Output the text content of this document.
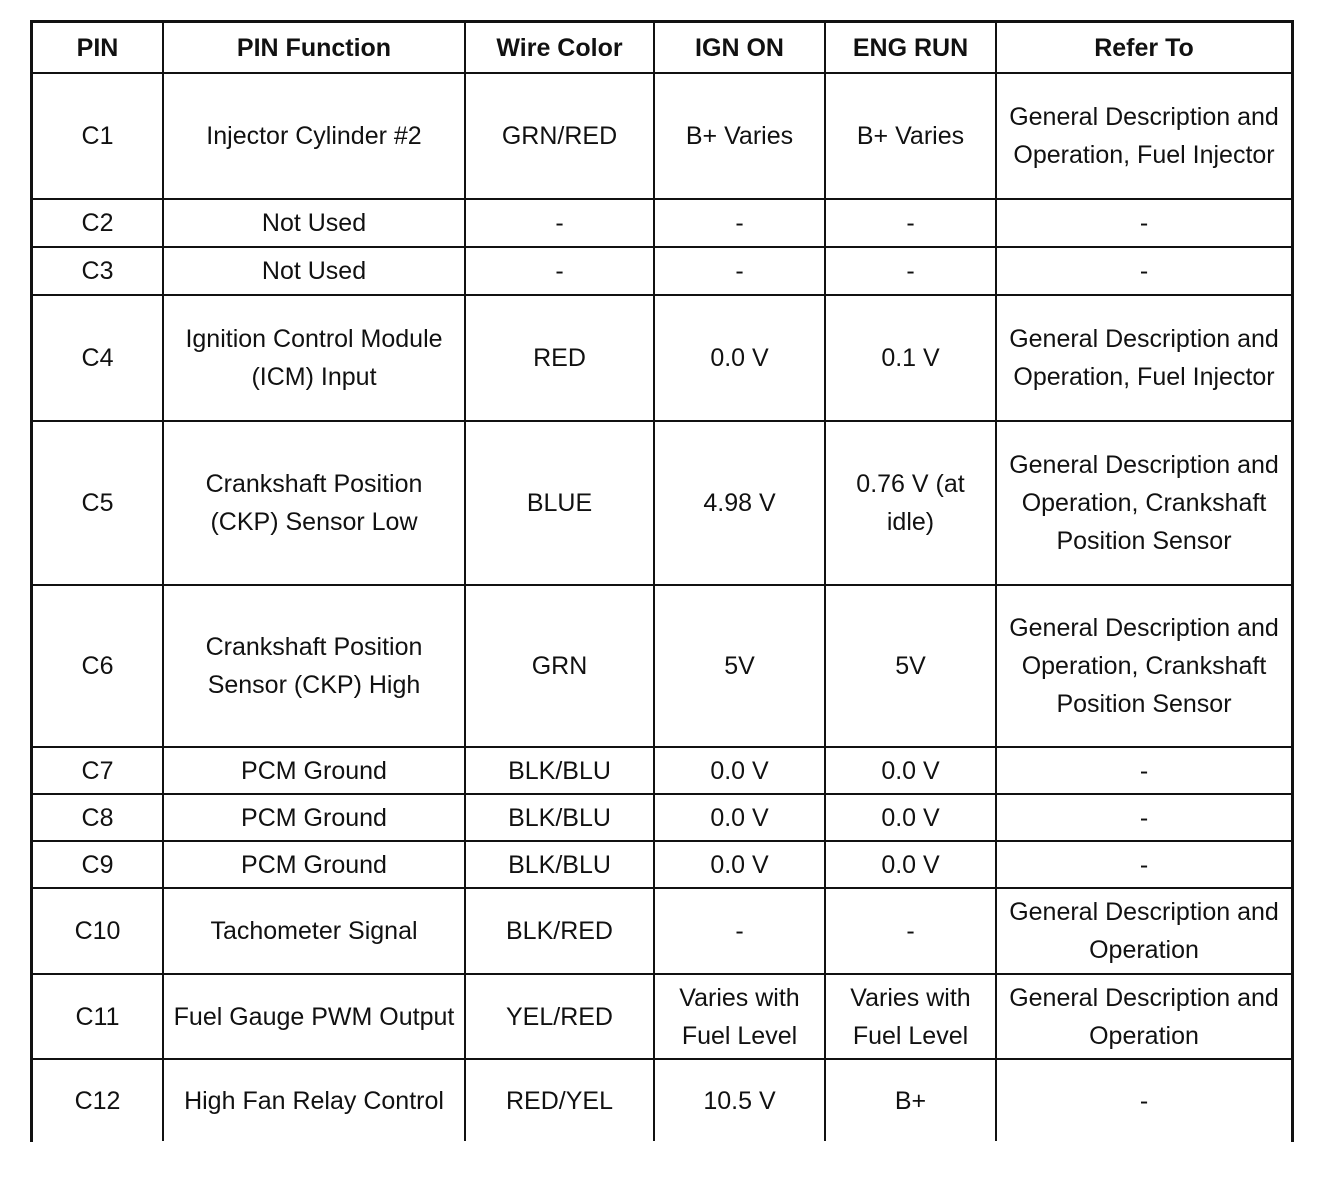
PIN	PIN Function	Wire Color	IGN ON	ENG RUN	Refer To
C1	Injector Cylinder #2	GRN/RED	B+ Varies	B+ Varies	General Description and Operation, Fuel Injector
C2	Not Used	-	-	-	-
C3	Not Used	-	-	-	-
C4	Ignition Control Module (ICM) Input	RED	0.0 V	0.1 V	General Description and Operation, Fuel Injector
C5	Crankshaft Position (CKP) Sensor Low	BLUE	4.98 V	0.76 V (at idle)	General Description and Operation, Crankshaft Position Sensor
C6	Crankshaft Position Sensor (CKP) High	GRN	5V	5V	General Description and Operation, Crankshaft Position Sensor
C7	PCM Ground	BLK/BLU	0.0 V	0.0 V	-
C8	PCM Ground	BLK/BLU	0.0 V	0.0 V	-
C9	PCM Ground	BLK/BLU	0.0 V	0.0 V	-
C10	Tachometer Signal	BLK/RED	-	-	General Description and Operation
C11	Fuel Gauge PWM Output	YEL/RED	Varies with Fuel Level	Varies with Fuel Level	General Description and Operation
C12	High Fan Relay Control	RED/YEL	10.5 V	B+	-
